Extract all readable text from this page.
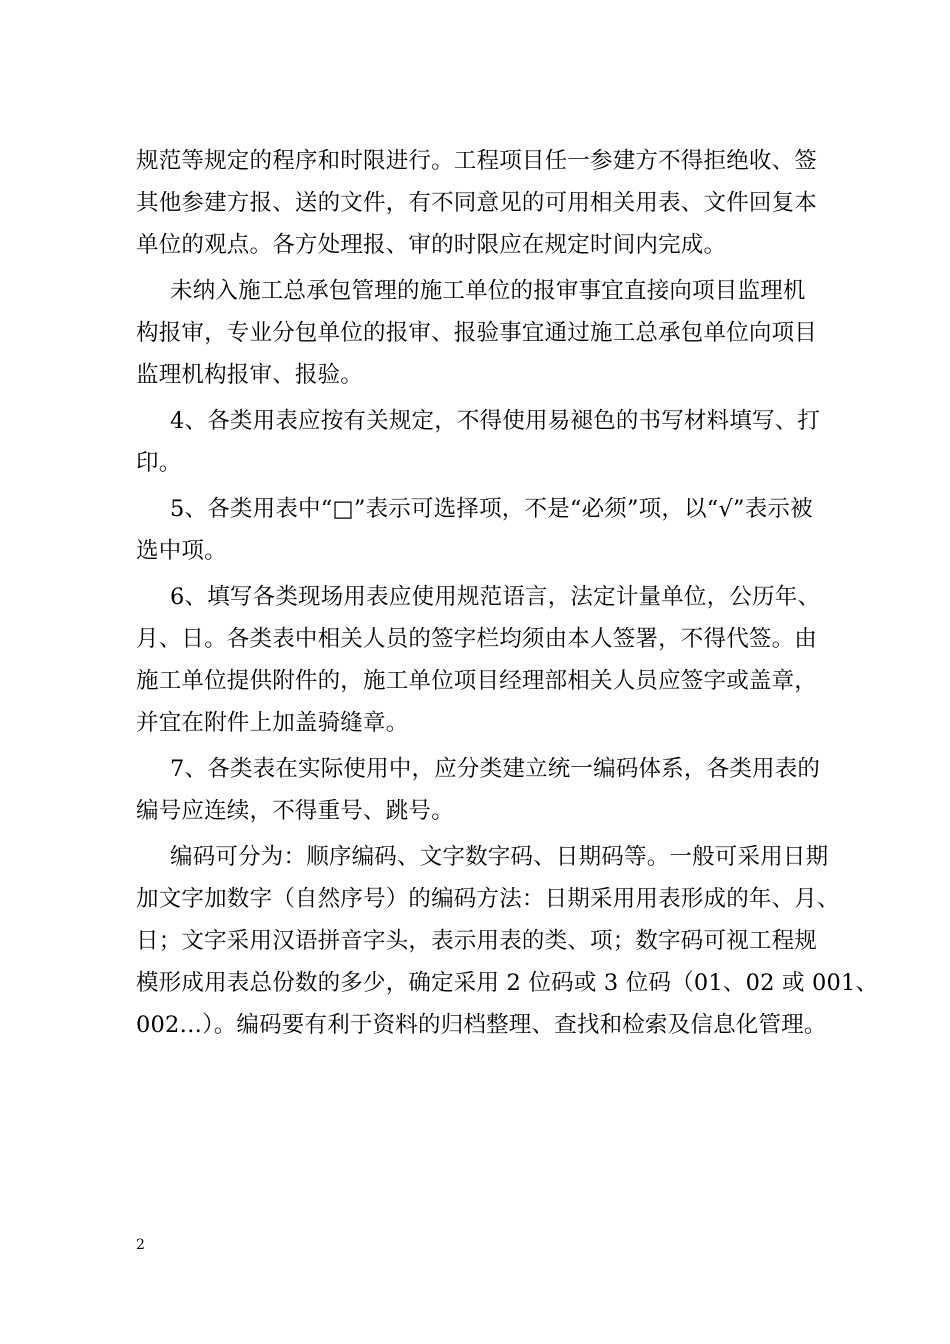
规范等规定的程序和时限进行。工程项目任一参建方不得拒绝收、签
其他参建方报、送的文件，有不同意见的可用相关用表、文件回复本
单位的观点。各方处理报、审的时限应在规定时间内完成。

未纳入施工总承包管理的施工单位的报审事宜直接向项目监理机
构报审，专业分包单位的报审、报验事宜通过施工总承包单位向项目
监理机构报审、报验。

4、各类用表应按有关规定，不得使用易褪色的书写材料填写、打
印。

5、各类用表中“□”表示可选择项，不是“必须”项，以“√”表示被
选中项。

6、填写各类现场用表应使用规范语言，法定计量单位，公历年、
月、日。各类表中相关人员的签字栏均须由本人签署，不得代签。由
施工单位提供附件的，施工单位项目经理部相关人员应签字或盖章，
并宜在附件上加盖骑缝章。

7、各类表在实际使用中，应分类建立统一编码体系，各类用表的
编号应连续，不得重号、跳号。

编码可分为：顺序编码、文字数字码、日期码等。一般可采用日期
加文字加数字（自然序号）的编码方法：日期采用用表形成的年、月、
日；文字采用汉语拼音字头，表示用表的类、项；数字码可视工程规
模形成用表总份数的多少，确定采用 2 位码或 3 位码（01、02 或 001、
002…）。编码要有利于资料的归档整理、查找和检索及信息化管理。

2
